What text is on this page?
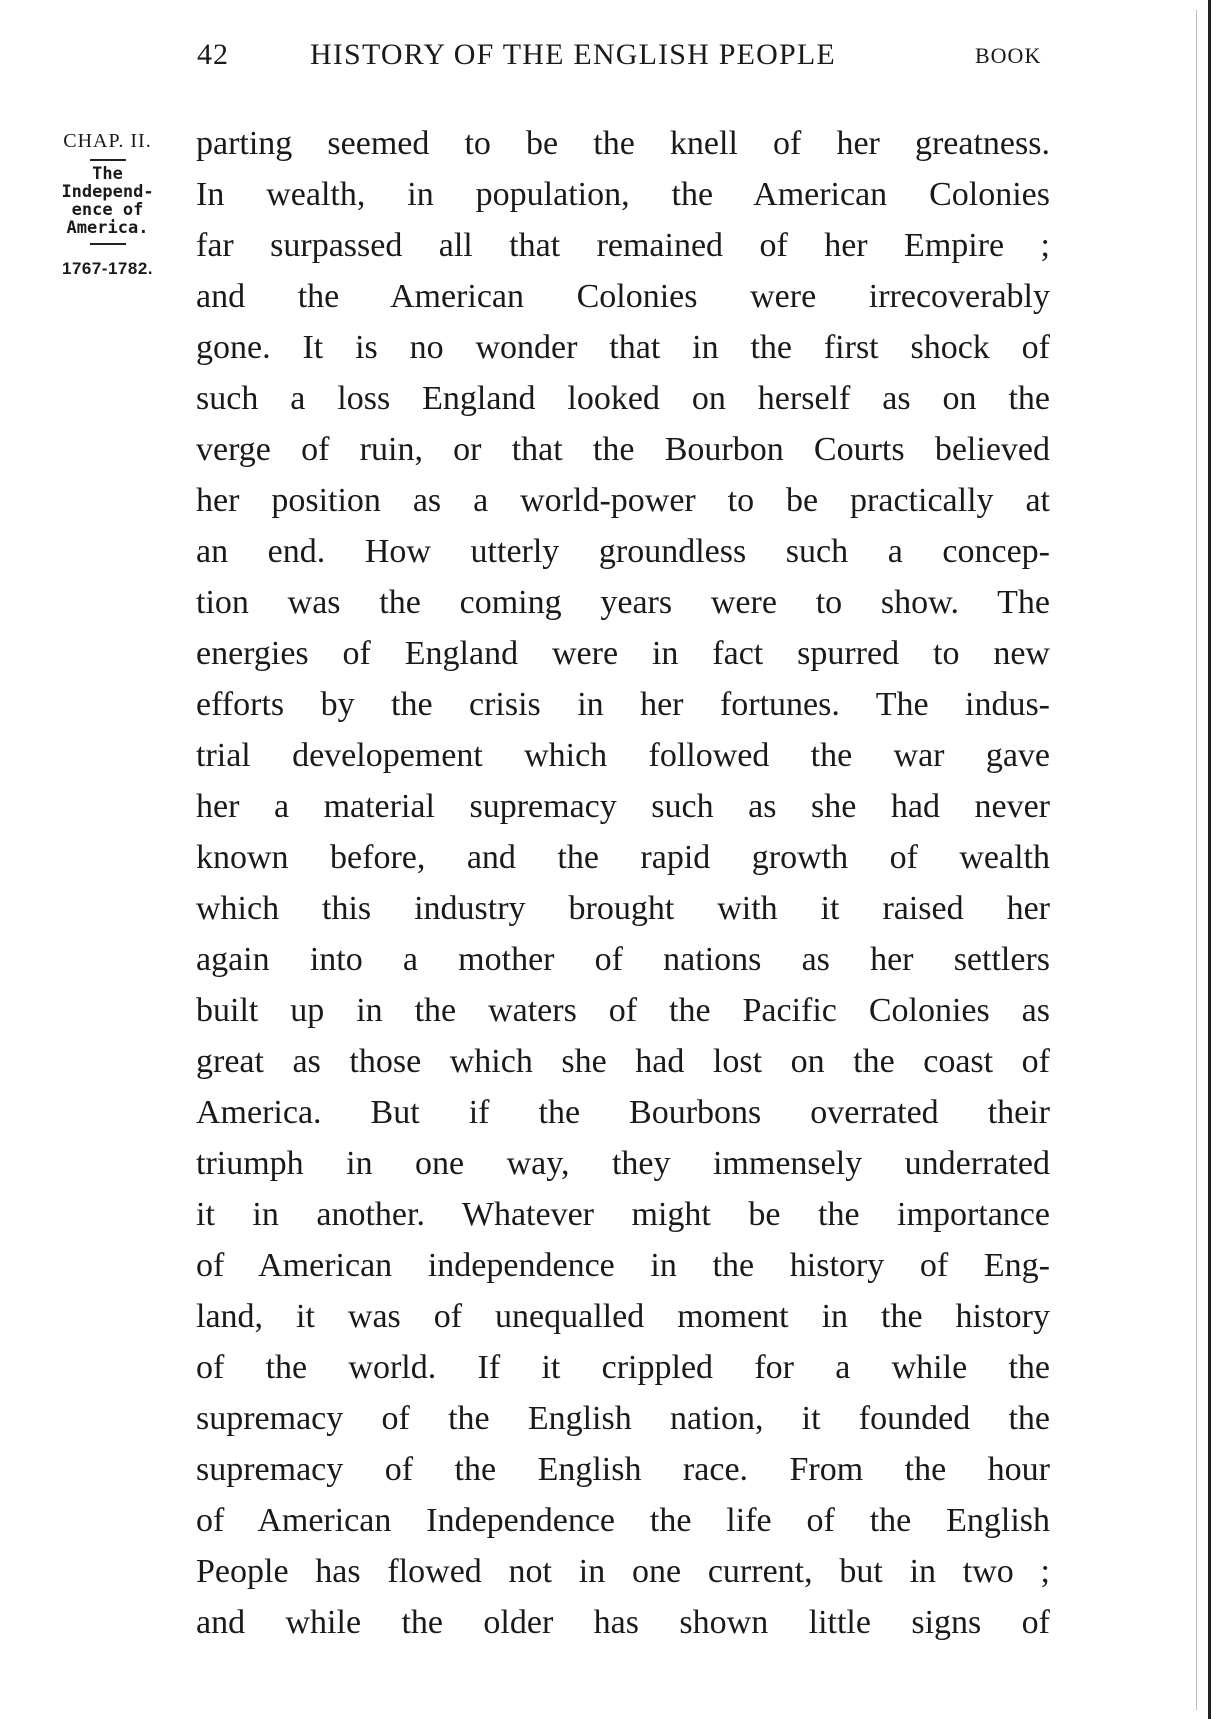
42	HISTORY OF THE ENGLISH PEOPLE	BOOK
CHAP. II.
The
Independ-
ence of
America.
1767-1782.
parting seemed to be the knell of her greatness.
In wealth, in population, the American Colonies
far surpassed all that remained of her Empire ;
and the American Colonies were irrecoverably
gone. It is no wonder that in the first shock of
such a loss England looked on herself as on the
verge of ruin, or that the Bourbon Courts believed
her position as a world-power to be practically at
an end. How utterly groundless such a concep-
tion was the coming years were to show. The
energies of England were in fact spurred to new
efforts by the crisis in her fortunes. The indus-
trial developement which followed the war gave
her a material supremacy such as she had never
known before, and the rapid growth of wealth
which this industry brought with it raised her
again into a mother of nations as her settlers
built up in the waters of the Pacific Colonies as
great as those which she had lost on the coast of
America. But if the Bourbons overrated their
triumph in one way, they immensely underrated
it in another. Whatever might be the importance
of American independence in the history of Eng-
land, it was of unequalled moment in the history
of the world. If it crippled for a while the
supremacy of the English nation, it founded the
supremacy of the English race. From the hour
of American Independence the life of the English
People has flowed not in one current, but in two ;
and while the older has shown little signs of
